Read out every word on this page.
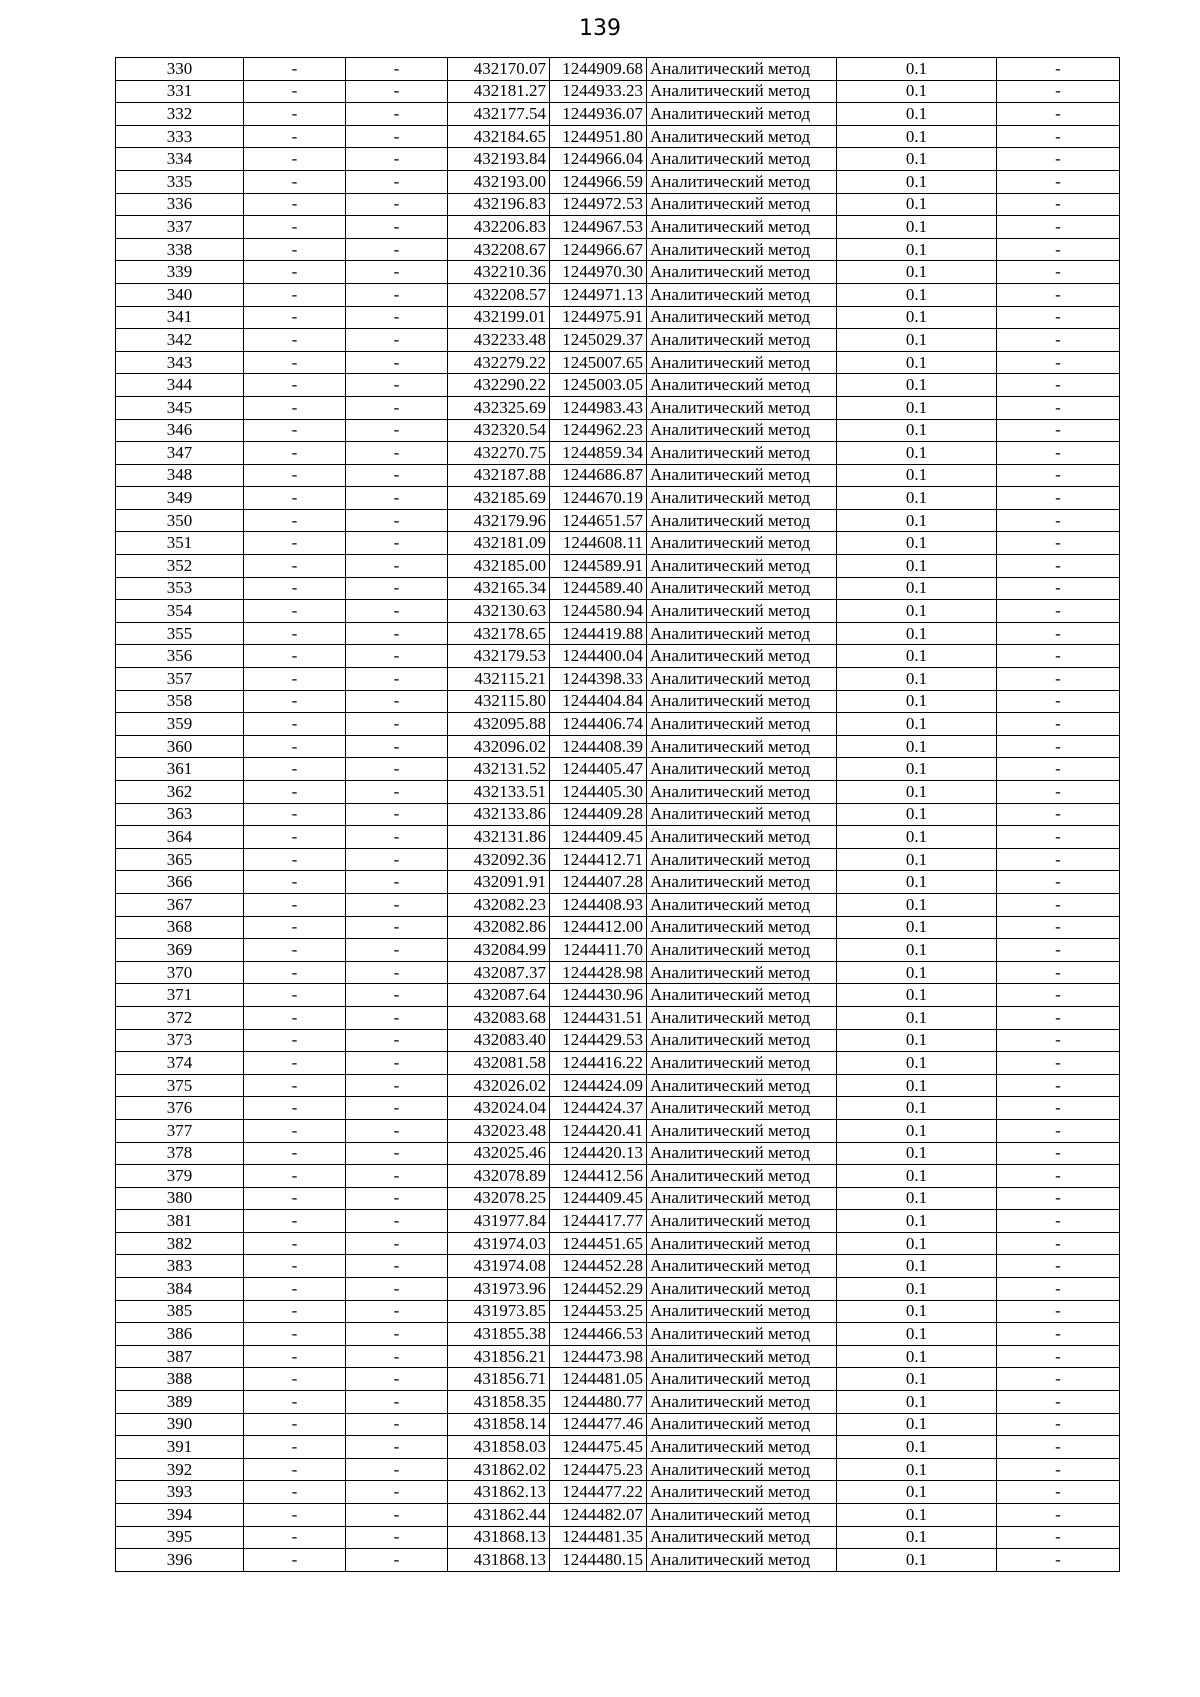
139
330	-	-	432170.07	1244909.68	Аналитический метод	0.1	-
331	-	-	432181.27	1244933.23	Аналитический метод	0.1	-
332	-	-	432177.54	1244936.07	Аналитический метод	0.1	-
333	-	-	432184.65	1244951.80	Аналитический метод	0.1	-
334	-	-	432193.84	1244966.04	Аналитический метод	0.1	-
335	-	-	432193.00	1244966.59	Аналитический метод	0.1	-
336	-	-	432196.83	1244972.53	Аналитический метод	0.1	-
337	-	-	432206.83	1244967.53	Аналитический метод	0.1	-
338	-	-	432208.67	1244966.67	Аналитический метод	0.1	-
339	-	-	432210.36	1244970.30	Аналитический метод	0.1	-
340	-	-	432208.57	1244971.13	Аналитический метод	0.1	-
341	-	-	432199.01	1244975.91	Аналитический метод	0.1	-
342	-	-	432233.48	1245029.37	Аналитический метод	0.1	-
343	-	-	432279.22	1245007.65	Аналитический метод	0.1	-
344	-	-	432290.22	1245003.05	Аналитический метод	0.1	-
345	-	-	432325.69	1244983.43	Аналитический метод	0.1	-
346	-	-	432320.54	1244962.23	Аналитический метод	0.1	-
347	-	-	432270.75	1244859.34	Аналитический метод	0.1	-
348	-	-	432187.88	1244686.87	Аналитический метод	0.1	-
349	-	-	432185.69	1244670.19	Аналитический метод	0.1	-
350	-	-	432179.96	1244651.57	Аналитический метод	0.1	-
351	-	-	432181.09	1244608.11	Аналитический метод	0.1	-
352	-	-	432185.00	1244589.91	Аналитический метод	0.1	-
353	-	-	432165.34	1244589.40	Аналитический метод	0.1	-
354	-	-	432130.63	1244580.94	Аналитический метод	0.1	-
355	-	-	432178.65	1244419.88	Аналитический метод	0.1	-
356	-	-	432179.53	1244400.04	Аналитический метод	0.1	-
357	-	-	432115.21	1244398.33	Аналитический метод	0.1	-
358	-	-	432115.80	1244404.84	Аналитический метод	0.1	-
359	-	-	432095.88	1244406.74	Аналитический метод	0.1	-
360	-	-	432096.02	1244408.39	Аналитический метод	0.1	-
361	-	-	432131.52	1244405.47	Аналитический метод	0.1	-
362	-	-	432133.51	1244405.30	Аналитический метод	0.1	-
363	-	-	432133.86	1244409.28	Аналитический метод	0.1	-
364	-	-	432131.86	1244409.45	Аналитический метод	0.1	-
365	-	-	432092.36	1244412.71	Аналитический метод	0.1	-
366	-	-	432091.91	1244407.28	Аналитический метод	0.1	-
367	-	-	432082.23	1244408.93	Аналитический метод	0.1	-
368	-	-	432082.86	1244412.00	Аналитический метод	0.1	-
369	-	-	432084.99	1244411.70	Аналитический метод	0.1	-
370	-	-	432087.37	1244428.98	Аналитический метод	0.1	-
371	-	-	432087.64	1244430.96	Аналитический метод	0.1	-
372	-	-	432083.68	1244431.51	Аналитический метод	0.1	-
373	-	-	432083.40	1244429.53	Аналитический метод	0.1	-
374	-	-	432081.58	1244416.22	Аналитический метод	0.1	-
375	-	-	432026.02	1244424.09	Аналитический метод	0.1	-
376	-	-	432024.04	1244424.37	Аналитический метод	0.1	-
377	-	-	432023.48	1244420.41	Аналитический метод	0.1	-
378	-	-	432025.46	1244420.13	Аналитический метод	0.1	-
379	-	-	432078.89	1244412.56	Аналитический метод	0.1	-
380	-	-	432078.25	1244409.45	Аналитический метод	0.1	-
381	-	-	431977.84	1244417.77	Аналитический метод	0.1	-
382	-	-	431974.03	1244451.65	Аналитический метод	0.1	-
383	-	-	431974.08	1244452.28	Аналитический метод	0.1	-
384	-	-	431973.96	1244452.29	Аналитический метод	0.1	-
385	-	-	431973.85	1244453.25	Аналитический метод	0.1	-
386	-	-	431855.38	1244466.53	Аналитический метод	0.1	-
387	-	-	431856.21	1244473.98	Аналитический метод	0.1	-
388	-	-	431856.71	1244481.05	Аналитический метод	0.1	-
389	-	-	431858.35	1244480.77	Аналитический метод	0.1	-
390	-	-	431858.14	1244477.46	Аналитический метод	0.1	-
391	-	-	431858.03	1244475.45	Аналитический метод	0.1	-
392	-	-	431862.02	1244475.23	Аналитический метод	0.1	-
393	-	-	431862.13	1244477.22	Аналитический метод	0.1	-
394	-	-	431862.44	1244482.07	Аналитический метод	0.1	-
395	-	-	431868.13	1244481.35	Аналитический метод	0.1	-
396	-	-	431868.13	1244480.15	Аналитический метод	0.1	-
